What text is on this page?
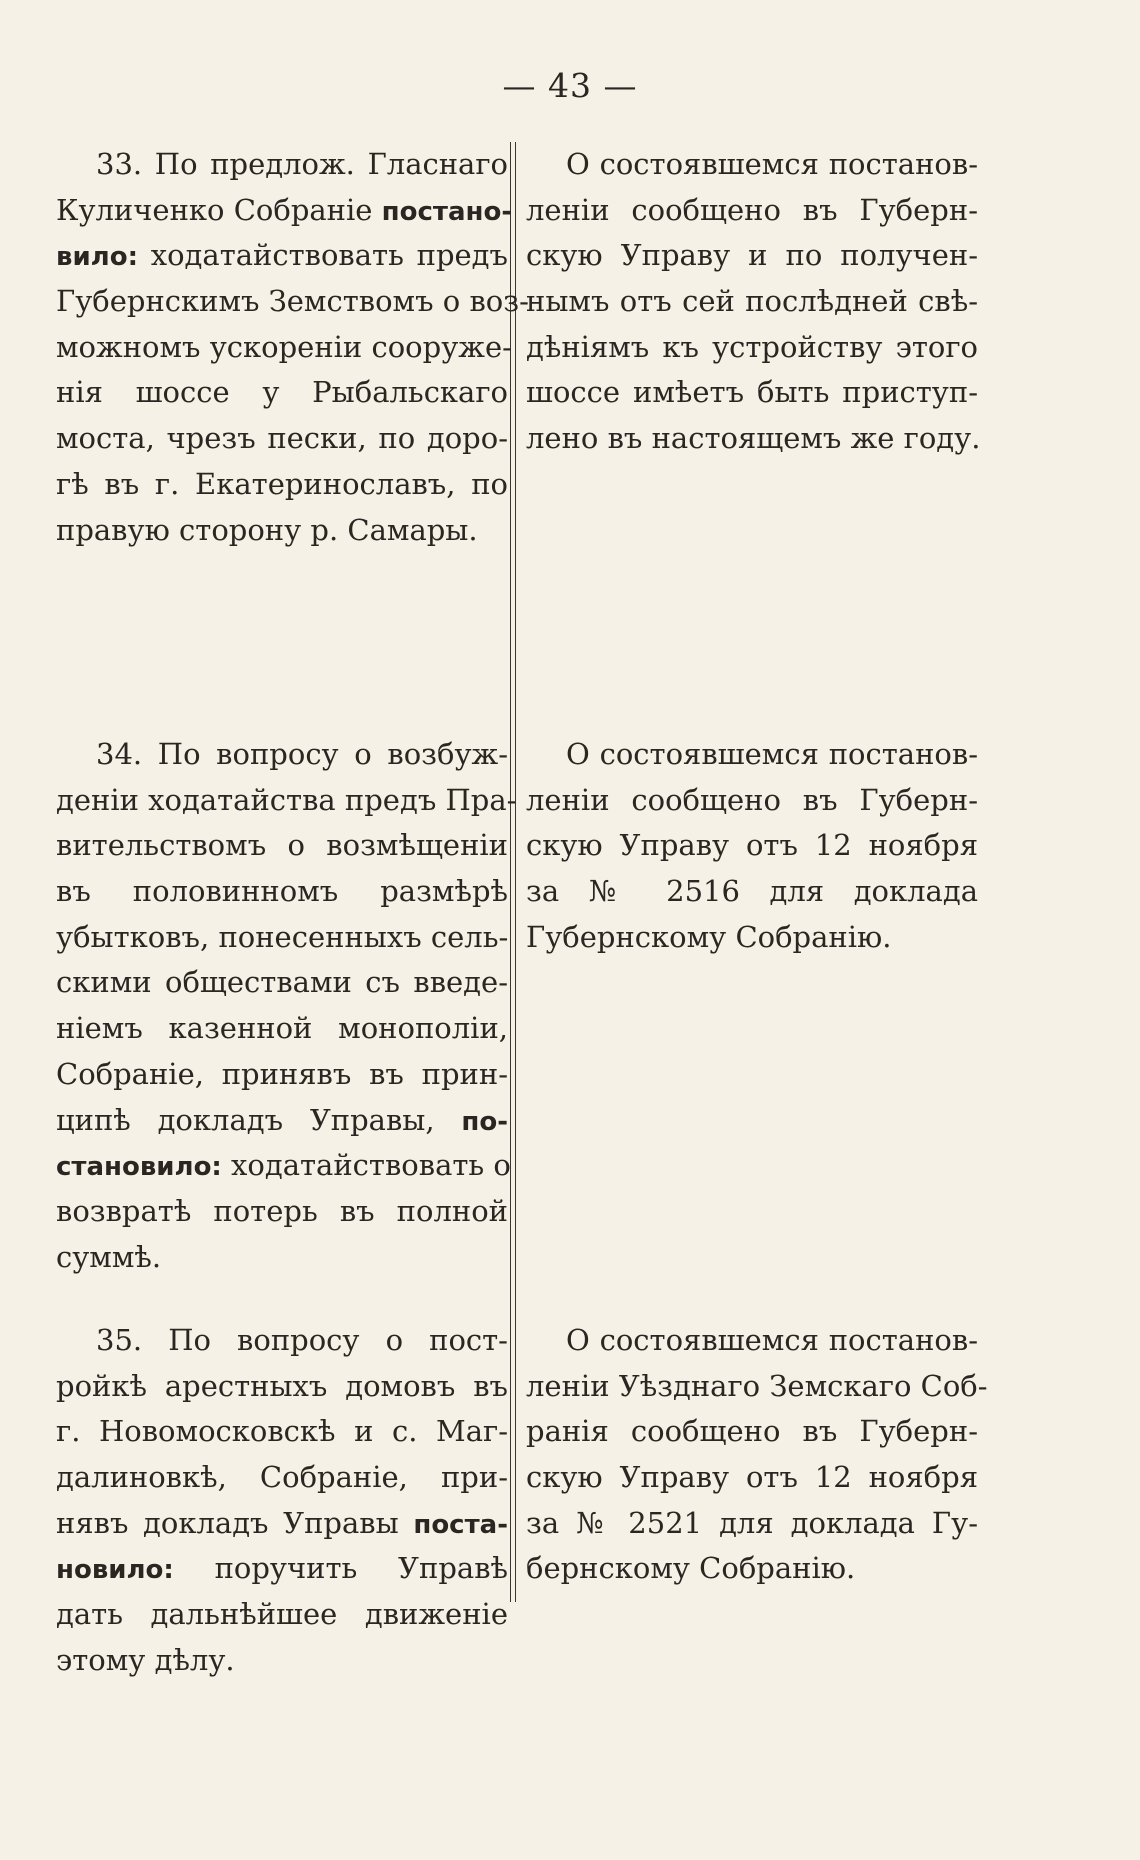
— 43 —
33. По предлож. Гласнаго
Куличенко Собраніе постано-
вило: ходатайствовать предъ
Губернскимъ Земствомъ о воз-
можномъ ускореніи сооруже-
нія шоссе у Рыбальскаго
моста, чрезъ пески, по доро-
гѣ въ г. Екатеринославъ, по
правую сторону р. Самары.
34. По вопросу о возбуж-
деніи ходатайства предъ Пра-
вительствомъ о возмѣщеніи
въ половинномъ размѣрѣ
убытковъ, понесенныхъ сель-
скими обществами съ введе-
ніемъ казенной монополіи,
Собраніе, принявъ въ прин-
ципѣ докладъ Управы, по-
становило: ходатайствовать о
возвратѣ потерь въ полной
суммѣ.
35. По вопросу о пост-
ройкѣ арестныхъ домовъ въ
г. Новомосковскѣ и с. Маг-
далиновкѣ, Собраніе, при-
нявъ докладъ Управы поста-
новило: поручить Управѣ
дать дальнѣйшее движеніе
этому дѣлу.
О состоявшемся постанов-
леніи сообщено въ Губерн-
скую Управу и по получен-
нымъ отъ сей послѣдней свѣ-
дѣніямъ къ устройству этого
шоссе имѣетъ быть приступ-
лено въ настоящемъ же году.
О состоявшемся постанов-
леніи сообщено въ Губерн-
скую Управу отъ 12 ноября
за № 2516 для доклада
Губернскому Собранію.
О состоявшемся постанов-
леніи Уѣзднаго Земскаго Соб-
ранія сообщено въ Губерн-
скую Управу отъ 12 ноября
за № 2521 для доклада Гу-
бернскому Собранію.
